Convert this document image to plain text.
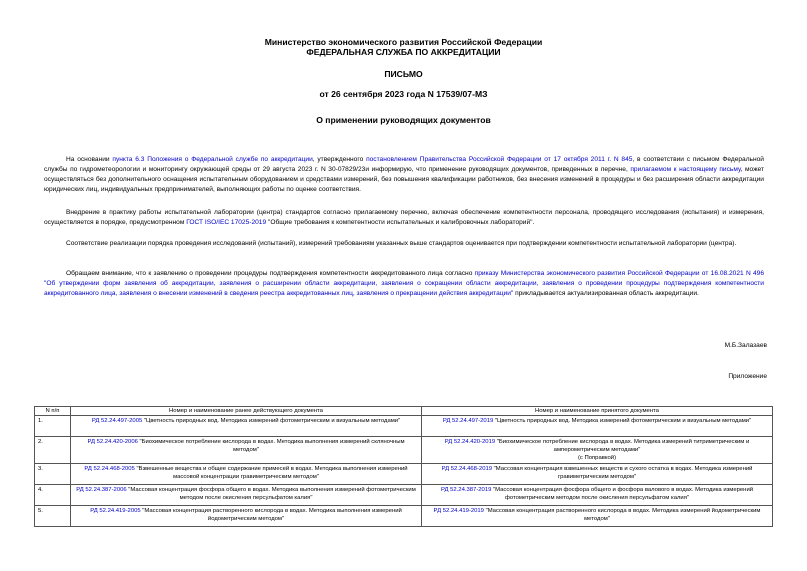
Министерство экономического развития Российской Федерации
ФЕДЕРАЛЬНАЯ СЛУЖБА ПО АККРЕДИТАЦИИ
ПИСЬМО
от 26 сентября 2023 года N 17539/07-МЗ
О применении руководящих документов
На основании пункта 6.3 Положения о Федеральной службе по аккредитации, утвержденного постановлением Правительства Российской Федерации от 17 октября 2011 г. N 845, в соответствии с письмом Федеральной службы по гидрометеорологии и мониторингу окружающей среды от 29 августа 2023 г. N 30-07829/23и информирую, что применение руководящих документов, приведенных в перечне, прилагаемом к настоящему письму, может осуществляться без дополнительного оснащения испытательным оборудованием и средствами измерений, без повышения квалификации работников, без внесения изменений в процедуры и без расширения области аккредитации юридических лиц, индивидуальных предпринимателей, выполняющих работы по оценке соответствия.
Внедрение в практику работы испытательной лаборатории (центра) стандартов согласно прилагаемому перечню, включая обеспечение компетентности персонала, проводящего исследования (испытания) и измерения, осуществляется в порядке, предусмотренном ГОСТ ISO/IEC 17025-2019 "Общие требования к компетентности испытательных и калибровочных лабораторий".
Соответствие реализации порядка проведения исследований (испытаний), измерений требованиям указанных выше стандартов оценивается при подтверждении компетентности испытательной лаборатории (центра).
Обращаем внимание, что к заявлению о проведении процедуры подтверждения компетентности аккредитованного лица согласно приказу Министерства экономического развития Российской Федерации от 16.08.2021 N 496 "Об утверждении форм заявления об аккредитации, заявления о расширении области аккредитации, заявления о сокращении области аккредитации, заявления о проведении процедуры подтверждения компетентности аккредитованного лица, заявления о внесении изменений в сведения реестра аккредитованных лиц, заявления о прекращении действия аккредитации" прикладывается актуализированная область аккредитации.
М.Б.Залазаев
Приложение
N п/п	Номер и наименование ранее действующего документа	Номер и наименование принятого документа
1.	РД 52.24.497-2005 "Цветность природных вод. Методика измерений фотометрическим и визуальным методами"	РД 52.24.497-2019 "Цветность природных вод. Методика измерений фотометрическим и визуальным методами"
2.	РД 52.24.420-2006 "Биохимическое потребление кислорода в водах. Методика выполнения измерений скляночным методом"	РД 52.24.420-2019 "Биохимическое потребление кислорода в водах. Методика измерений титриметрическим и амперометрическим методами"
(с Поправкой)
3.	РД 52.24.468-2005 "Взвешенные вещества и общее содержание примесей в водах. Методика выполнения измерений массовой концентрации гравиметрическим методом"	РД 52.24.468-2019 "Массовая концентрация взвешенных веществ и сухого остатка в водах. Методика измерений гравиметрическим методом"
4.	РД 52.24.387-2006 "Массовая концентрация фосфора общего в водах. Методика выполнения измерений фотометрическим методом после окисления персульфатом калия"	РД 52.24.387-2019 "Массовая концентрация фосфора общего и фосфора валового в водах. Методика измерений фотометрическим методом после окисления персульфатом калия"
5.	РД 52.24.419-2005 "Массовая концентрация растворенного кислорода в водах. Методика выполнения измерений йодометрическим методом"	РД 52.24.419-2019 "Массовая концентрация растворенного кислорода в водах. Методика измерений йодометрическим методом"
